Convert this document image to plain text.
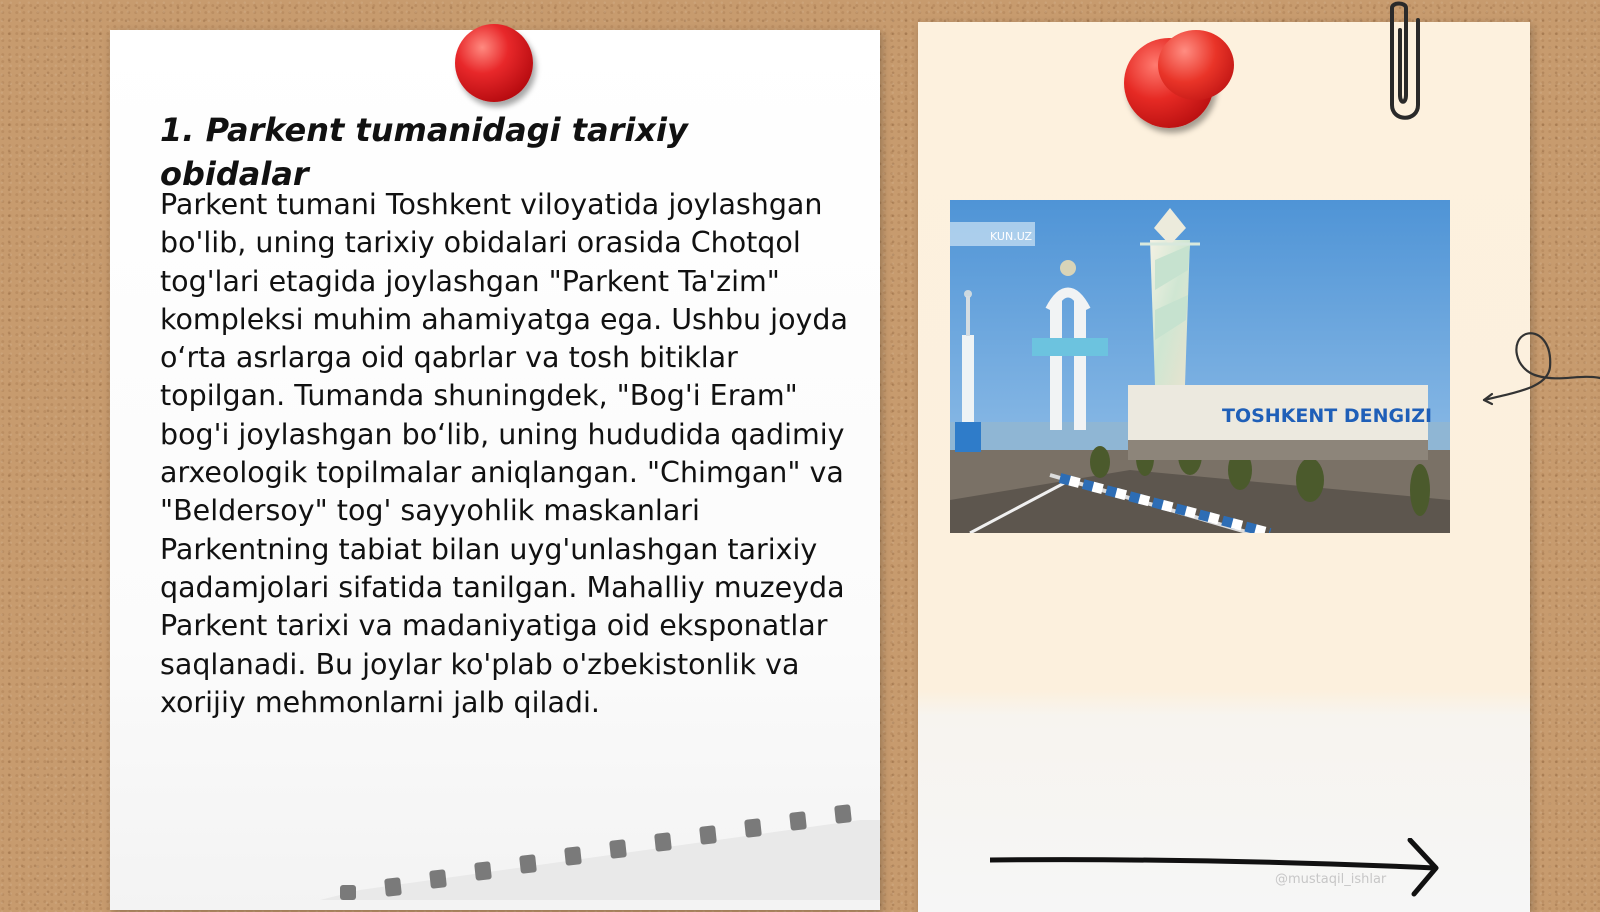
1. Parkent tumanidagi tarixiy obidalar

Parkent tumani Toshkent viloyatida joylashgan bo'lib, uning tarixiy obidalari orasida Chotqol tog'lari etagida joylashgan "Parkent Ta'zim" kompleksi muhim ahamiyatga ega. Ushbu joyda o‘rta asrlarga oid qabrlar va tosh bitiklar topilgan. Tumanda shuningdek, "Bog'i Eram" bog'i joylashgan bo‘lib, uning hududida qadimiy arxeologik topilmalar aniqlangan. "Chimgan" va "Beldersoy" tog' sayyohlik maskanlari Parkentning tabiat bilan uyg'unlashgan tarixiy qadamjolari sifatida tanilgan. Mahalliy muzeyda Parkent tarixi va madaniyatiga oid eksponatlar saqlanadi. Bu joylar ko'plab o'zbekistonlik va xorijiy mehmonlarni jalb qiladi.

TOSHKENT DENGIZI
KUN.UZ
@mustaqil_ishlar
